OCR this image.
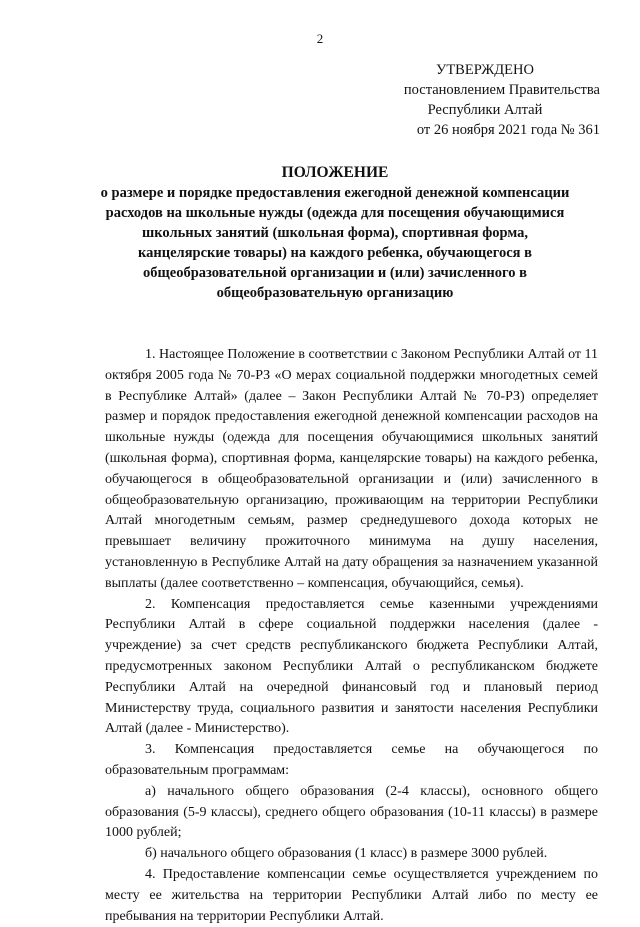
2
УТВЕРЖДЕНО
постановлением Правительства
Республики Алтай
от 26 ноября 2021 года № 361
ПОЛОЖЕНИЕ
о размере и порядке предоставления ежегодной денежной компенсации расходов на школьные нужды (одежда для посещения обучающимися школьных занятий (школьная форма), спортивная форма, канцелярские товары) на каждого ребенка, обучающегося в общеобразовательной организации и (или) зачисленного в общеобразовательную организацию

1. Настоящее Положение в соответствии с Законом Республики Алтай от 11 октября 2005 года № 70-РЗ «О мерах социальной поддержки многодетных семей в Республике Алтай» (далее – Закон Республики Алтай № 70-РЗ) определяет размер и порядок предоставления ежегодной денежной компенсации расходов на школьные нужды (одежда для посещения обучающимися школьных занятий (школьная форма), спортивная форма, канцелярские товары) на каждого ребенка, обучающегося в общеобразовательной организации и (или) зачисленного в общеобразовательную организацию, проживающим на территории Республики Алтай многодетным семьям, размер среднедушевого дохода которых не превышает величину прожиточного минимума на душу населения, установленную в Республике Алтай на дату обращения за назначением указанной выплаты (далее соответственно – компенсация, обучающийся, семья).

2. Компенсация предоставляется семье казенными учреждениями Республики Алтай в сфере социальной поддержки населения (далее - учреждение) за счет средств республиканского бюджета Республики Алтай, предусмотренных законом Республики Алтай о республиканском бюджете Республики Алтай на очередной финансовый год и плановый период Министерству труда, социального развития и занятости населения Республики Алтай (далее - Министерство).

3. Компенсация предоставляется семье на обучающегося по образовательным программам:

а) начального общего образования (2-4 классы), основного общего образования (5-9 классы), среднего общего образования (10-11 классы) в размере 1000 рублей;

б) начального общего образования (1 класс) в размере 3000 рублей.

4. Предоставление компенсации семье осуществляется учреждением по месту ее жительства на территории Республики Алтай либо по месту ее пребывания на территории Республики Алтай.
